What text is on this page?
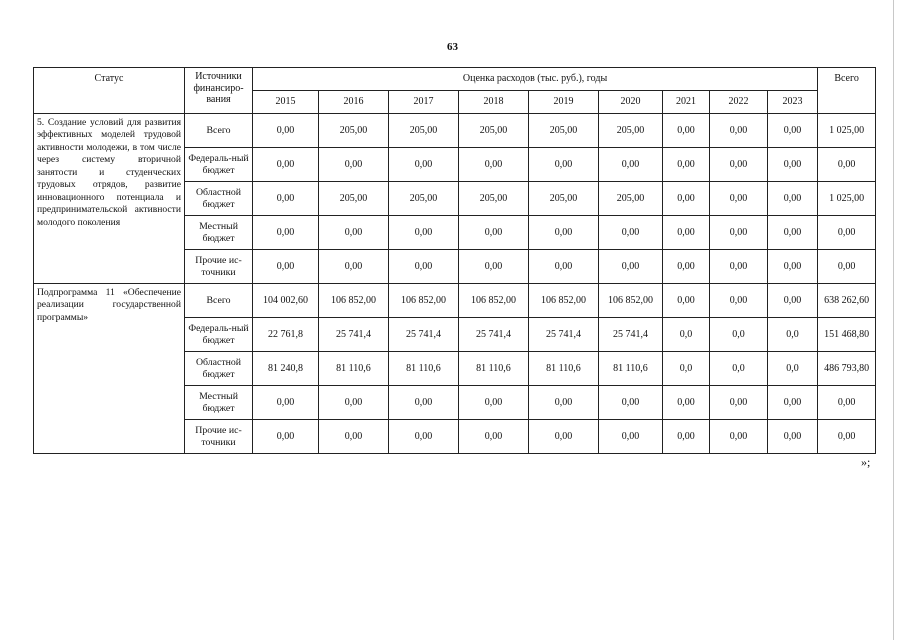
63
Статус	Источники финансиро-вания	Оценка расходов (тыс. руб.), годы									Всего
		2015	2016	2017	2018	2019	2020	2021	2022	2023	
5. Создание условий для развития эффективных моделей трудовой активности молодежи, в том числе через систему вторичной занятости и студенческих трудовых отрядов, развитие инновационного потенциала и предпринимательской активности молодого поколения	Всего	0,00	205,00	205,00	205,00	205,00	205,00	0,00	0,00	0,00	1 025,00
	Федераль-ный бюджет	0,00	0,00	0,00	0,00	0,00	0,00	0,00	0,00	0,00	0,00
	Областной бюджет	0,00	205,00	205,00	205,00	205,00	205,00	0,00	0,00	0,00	1 025,00
	Местный бюджет	0,00	0,00	0,00	0,00	0,00	0,00	0,00	0,00	0,00	0,00
	Прочие ис-точники	0,00	0,00	0,00	0,00	0,00	0,00	0,00	0,00	0,00	0,00
Подпрограмма 11 «Обеспечение реализации государственной программы»	Всего	104 002,60	106 852,00	106 852,00	106 852,00	106 852,00	106 852,00	0,00	0,00	0,00	638 262,60
	Федераль-ный бюджет	22 761,8	25 741,4	25 741,4	25 741,4	25 741,4	25 741,4	0,0	0,0	0,0	151 468,80
	Областной бюджет	81 240,8	81 110,6	81 110,6	81 110,6	81 110,6	81 110,6	0,0	0,0	0,0	486 793,80
	Местный бюджет	0,00	0,00	0,00	0,00	0,00	0,00	0,00	0,00	0,00	0,00
	Прочие ис-точники	0,00	0,00	0,00	0,00	0,00	0,00	0,00	0,00	0,00	0,00
»;
